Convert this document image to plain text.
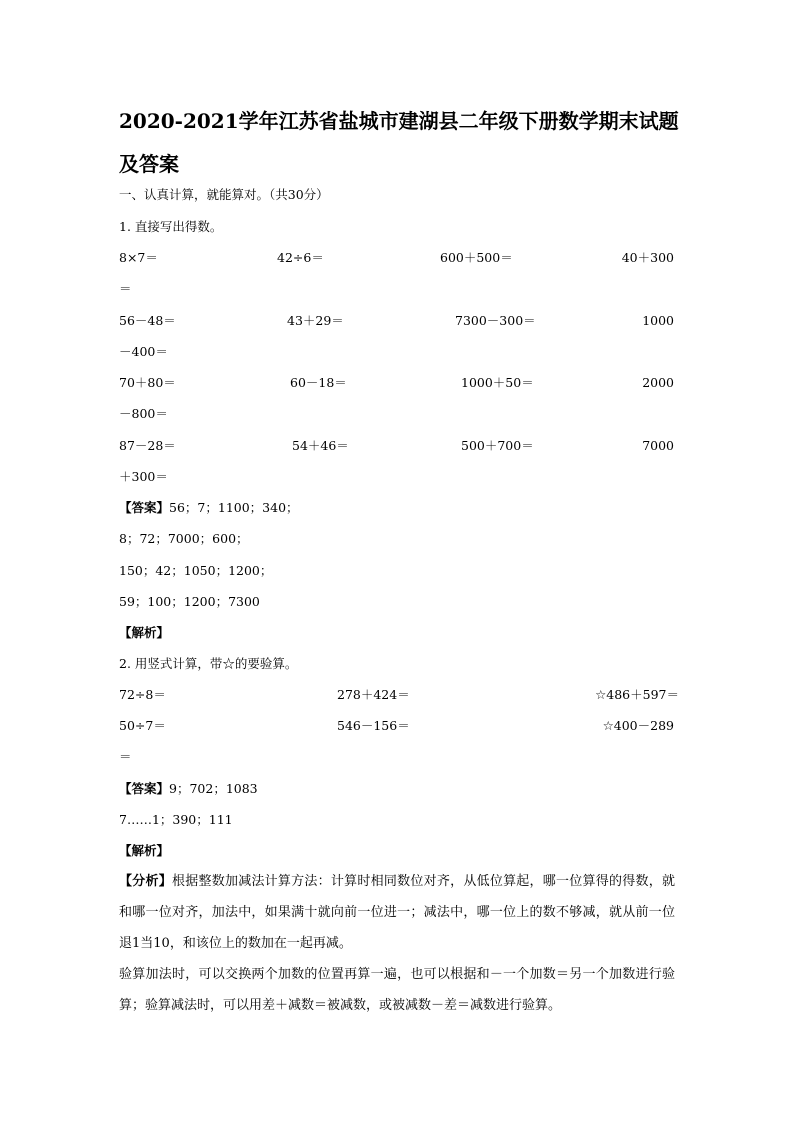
2020-2021学年江苏省盐城市建湖县二年级下册数学期末试题及答案
一、认真计算，就能算对。（共30分）
1. 直接写出得数。
8×7＝	42÷6＝	600＋500＝	40＋300
＝
56－48＝	43＋29＝	7300－300＝	1000
－400＝
70＋80＝	60－18＝	1000＋50＝	2000
－800＝
87－28＝	54＋46＝	500＋700＝	7000
＋300＝
【答案】56；7；1100；340；
8；72；7000；600；
150；42；1050；1200；
59；100；1200；7300
【解析】
2. 用竖式计算，带☆的要验算。
72÷8＝	278＋424＝	☆486＋597＝
50÷7＝	546－156＝	☆400－289
＝
【答案】9；702；1083
7……1；390；111
【解析】

【分析】根据整数加减法计算方法：计算时相同数位对齐，从低位算起，哪一位算得的得数，就和哪一位对齐，加法中，如果满十就向前一位进一；减法中，哪一位上的数不够减，就从前一位退1当10，和该位上的数加在一起再减。

验算加法时，可以交换两个加数的位置再算一遍，也可以根据和－一个加数＝另一个加数进行验算；验算减法时，可以用差＋减数＝被减数，或被减数－差＝减数进行验算。
